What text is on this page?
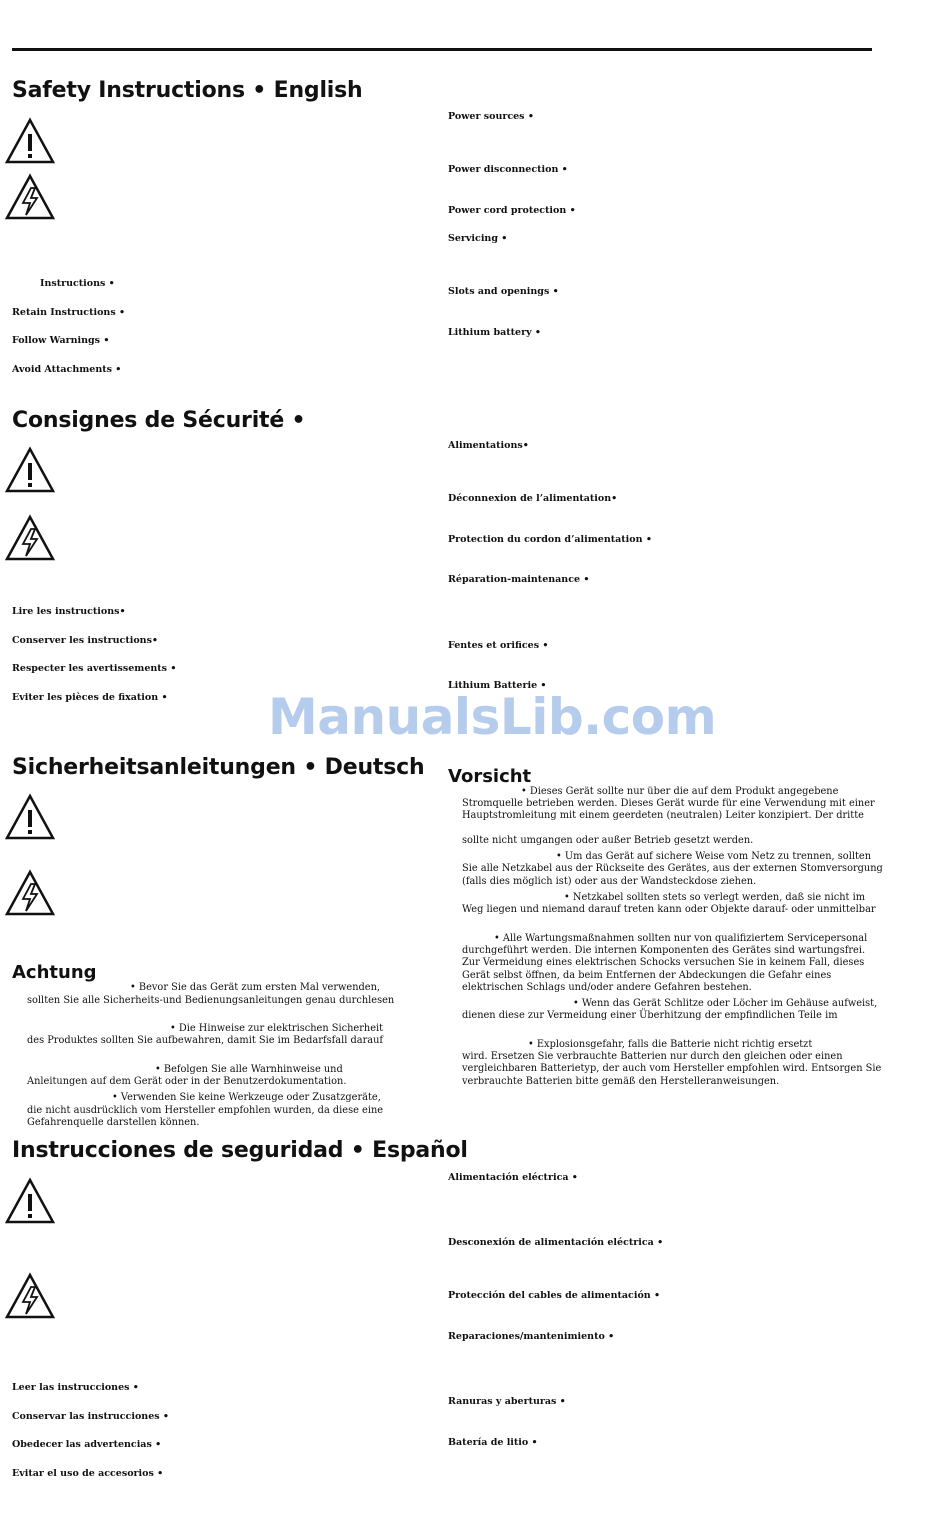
Safety Instructions • English
Instructions •
Retain Instructions •
Follow Warnings •
Avoid Attachments •
Power sources •
Power disconnection •
Power cord protection •
Servicing •
Slots and openings •
Lithium battery •
Consignes de Sécurité •
Lire les instructions•
Conserver les instructions•
Respecter les avertissements •
Eviter les pièces de fixation •
Alimentations•
Déconnexion de l’alimentation•
Protection du cordon d’alimentation •
Réparation-maintenance •
Fentes et orifices •
Lithium Batterie •
ManualsLib.com
Sicherheitsanleitungen • Deutsch
Achtung
• Bevor Sie das Gerät zum ersten Mal verwenden,
sollten Sie alle Sicherheits-und Bedienungsanleitungen genau durchlesen
• Die Hinweise zur elektrischen Sicherheit
des Produktes sollten Sie aufbewahren, damit Sie im Bedarfsfall darauf
• Befolgen Sie alle Warnhinweise und
Anleitungen auf dem Gerät oder in der Benutzerdokumentation.
• Verwenden Sie keine Werkzeuge oder Zusatzgeräte,
die nicht ausdrücklich vom Hersteller empfohlen wurden, da diese eine
Gefahrenquelle darstellen können.
Vorsicht
• Dieses Gerät sollte nur über die auf dem Produkt angegebene
Stromquelle betrieben werden. Dieses Gerät wurde für eine Verwendung mit einer
Hauptstromleitung mit einem geerdeten (neutralen) Leiter konzipiert. Der dritte
sollte nicht umgangen oder außer Betrieb gesetzt werden.
• Um das Gerät auf sichere Weise vom Netz zu trennen, sollten
Sie alle Netzkabel aus der Rückseite des Gerätes, aus der externen Stomversorgung
(falls dies möglich ist) oder aus der Wandsteckdose ziehen.
• Netzkabel sollten stets so verlegt werden, daß sie nicht im
Weg liegen und niemand darauf treten kann oder Objekte darauf- oder unmittelbar
• Alle Wartungsmaßnahmen sollten nur von qualifiziertem Servicepersonal
durchgeführt werden. Die internen Komponenten des Gerätes sind wartungsfrei.
Zur Vermeidung eines elektrischen Schocks versuchen Sie in keinem Fall, dieses
Gerät selbst öffnen, da beim Entfernen der Abdeckungen die Gefahr eines
elektrischen Schlags und/oder andere Gefahren bestehen.
• Wenn das Gerät Schlitze oder Löcher im Gehäuse aufweist,
dienen diese zur Vermeidung einer Überhitzung der empfindlichen Teile im
• Explosionsgefahr, falls die Batterie nicht richtig ersetzt
wird. Ersetzen Sie verbrauchte Batterien nur durch den gleichen oder einen
vergleichbaren Batterietyp, der auch vom Hersteller empfohlen wird. Entsorgen Sie
verbrauchte Batterien bitte gemäß den Herstelleranweisungen.
Instrucciones de seguridad • Español
Leer las instrucciones •
Conservar las instrucciones •
Obedecer las advertencias •
Evitar el uso de accesorios •
Alimentación eléctrica •
Desconexión de alimentación eléctrica •
Protección del cables de alimentación •
Reparaciones/mantenimiento •
Ranuras y aberturas •
Batería de litio •
